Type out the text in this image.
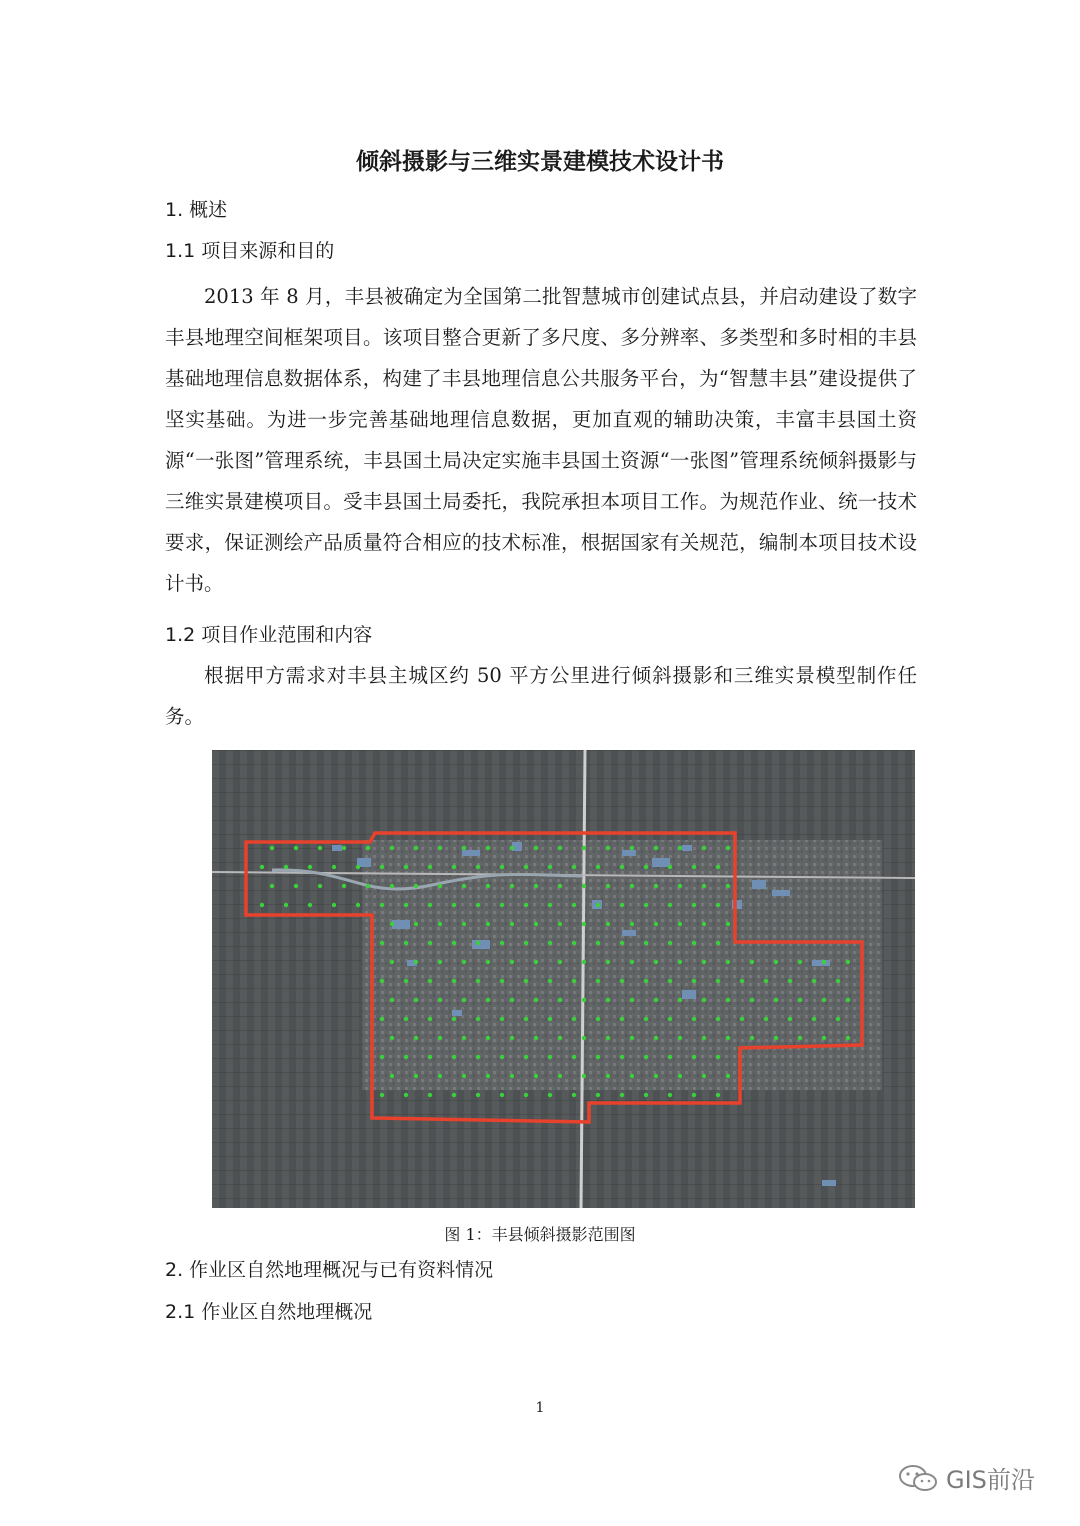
倾斜摄影与三维实景建模技术设计书
1. 概述
1.1 项目来源和目的

2013 年 8 月，丰县被确定为全国第二批智慧城市创建试点县，并启动建设了数字丰县地理空间框架项目。该项目整合更新了多尺度、多分辨率、多类型和多时相的丰县基础地理信息数据体系，构建了丰县地理信息公共服务平台，为“智慧丰县”建设提供了坚实基础。为进一步完善基础地理信息数据，更加直观的辅助决策，丰富丰县国土资源“一张图”管理系统，丰县国土局决定实施丰县国土资源“一张图”管理系统倾斜摄影与三维实景建模项目。受丰县国土局委托，我院承担本项目工作。为规范作业、统一技术要求，保证测绘产品质量符合相应的技术标准，根据国家有关规范，编制本项目技术设计书。

1.2 项目作业范围和内容

根据甲方需求对丰县主城区约 50 平方公里进行倾斜摄影和三维实景模型制作任务。

图 1：丰县倾斜摄影范围图

2. 作业区自然地理概况与已有资料情况
2.1 作业区自然地理概况
1
GIS前沿
